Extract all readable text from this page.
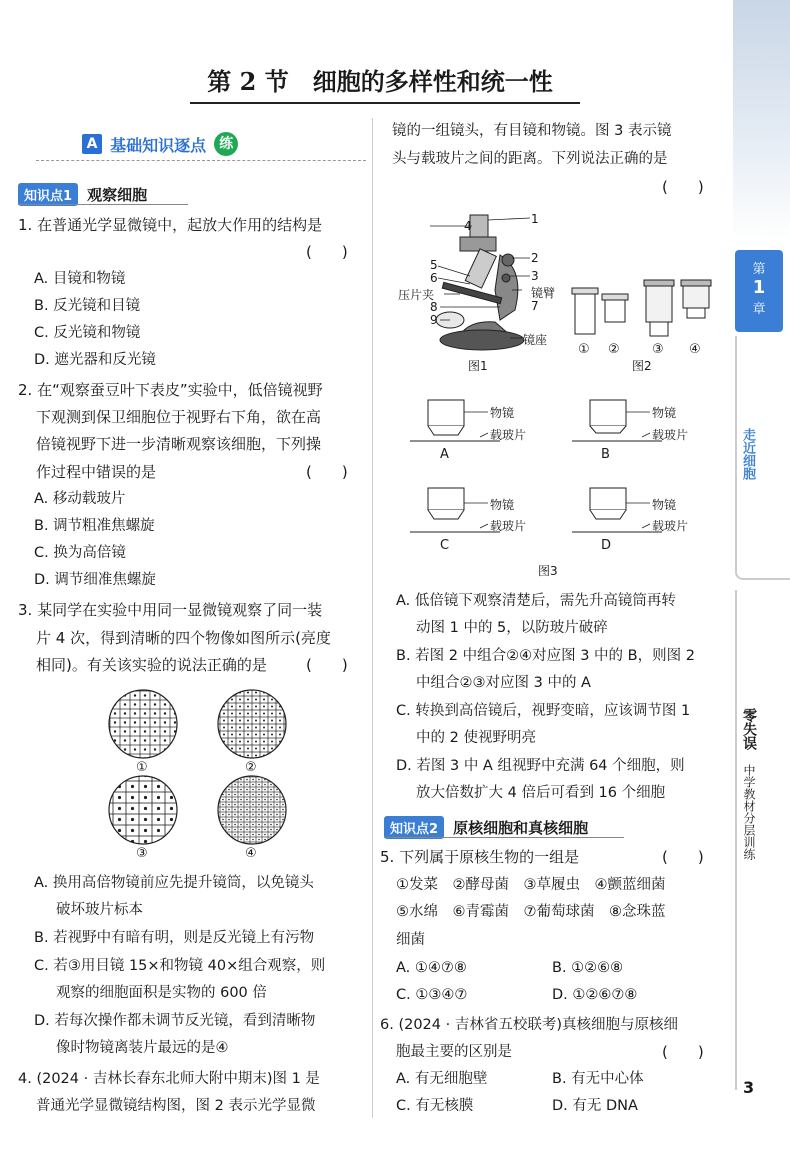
第 2 节　细胞的多样性和统一性
A 基础知识逐点 练
知识点1 观察细胞
1. 在普通光学显微镜中，起放大作用的结构是
(　　)
A. 目镜和物镜
B. 反光镜和目镜
C. 反光镜和物镜
D. 遮光器和反光镜
2. 在“观察蚕豆叶下表皮”实验中，低倍镜视野
下观测到保卫细胞位于视野右下角，欲在高
倍镜视野下进一步清晰观察该细胞，下列操
作过程中错误的是	(　　)
A. 移动载玻片
B. 调节粗准焦螺旋
C. 换为高倍镜
D. 调节细准焦螺旋
3. 某同学在实验中用同一显微镜观察了同一装
片 4 次，得到清晰的四个物像如图所示(亮度
相同)。有关该实验的说法正确的是	(　　)
①	②
③	④
A. 换用高倍物镜前应先提升镜筒，以免镜头
破坏玻片标本
B. 若视野中有暗有明，则是反光镜上有污物
C. 若③用目镜 15×和物镜 40×组合观察，则
观察的细胞面积是实物的 600 倍
D. 若每次操作都未调节反光镜，看到清晰物
像时物镜离装片最远的是④
4. (2024 · 吉林长春东北师大附中期末)图 1 是
普通光学显微镜结构图，图 2 表示光学显微
镜的一组镜头，有目镜和物镜。图 3 表示镜
头与载玻片之间的距离。下列说法正确的是
(　　)
1
2
3
4
5
6
7
8
9
压片夹	镜臂
镜座
图1
① ② ③ ④
图2
物镜
载玻片
物镜
载玻片
物镜
载玻片
物镜
载玻片
A	B
C	D
图3
A. 低倍镜下观察清楚后，需先升高镜筒再转
动图 1 中的 5，以防玻片破碎
B. 若图 2 中组合②④对应图 3 中的 B，则图 2
中组合②③对应图 3 中的 A
C. 转换到高倍镜后，视野变暗，应该调节图 1
中的 2 使视野明亮
D. 若图 3 中 A 组视野中充满 64 个细胞，则
放大倍数扩大 4 倍后可看到 16 个细胞
知识点2 原核细胞和真核细胞
5. 下列属于原核生物的一组是	(　　)
①发菜　②酵母菌　③草履虫　④颤蓝细菌
⑤水绵　⑥青霉菌　⑦葡萄球菌　⑧念珠蓝
细菌
A. ①④⑦⑧	B. ①②⑥⑧
C. ①③④⑦	D. ①②⑥⑦⑧
6. (2024 · 吉林省五校联考)真核细胞与原核细
胞最主要的区别是	(　　)
A. 有无细胞壁	B. 有无中心体
C. 有无核膜	D. 有无 DNA
第
1
章
走近细胞
零失误
中学教材分层训练
3
